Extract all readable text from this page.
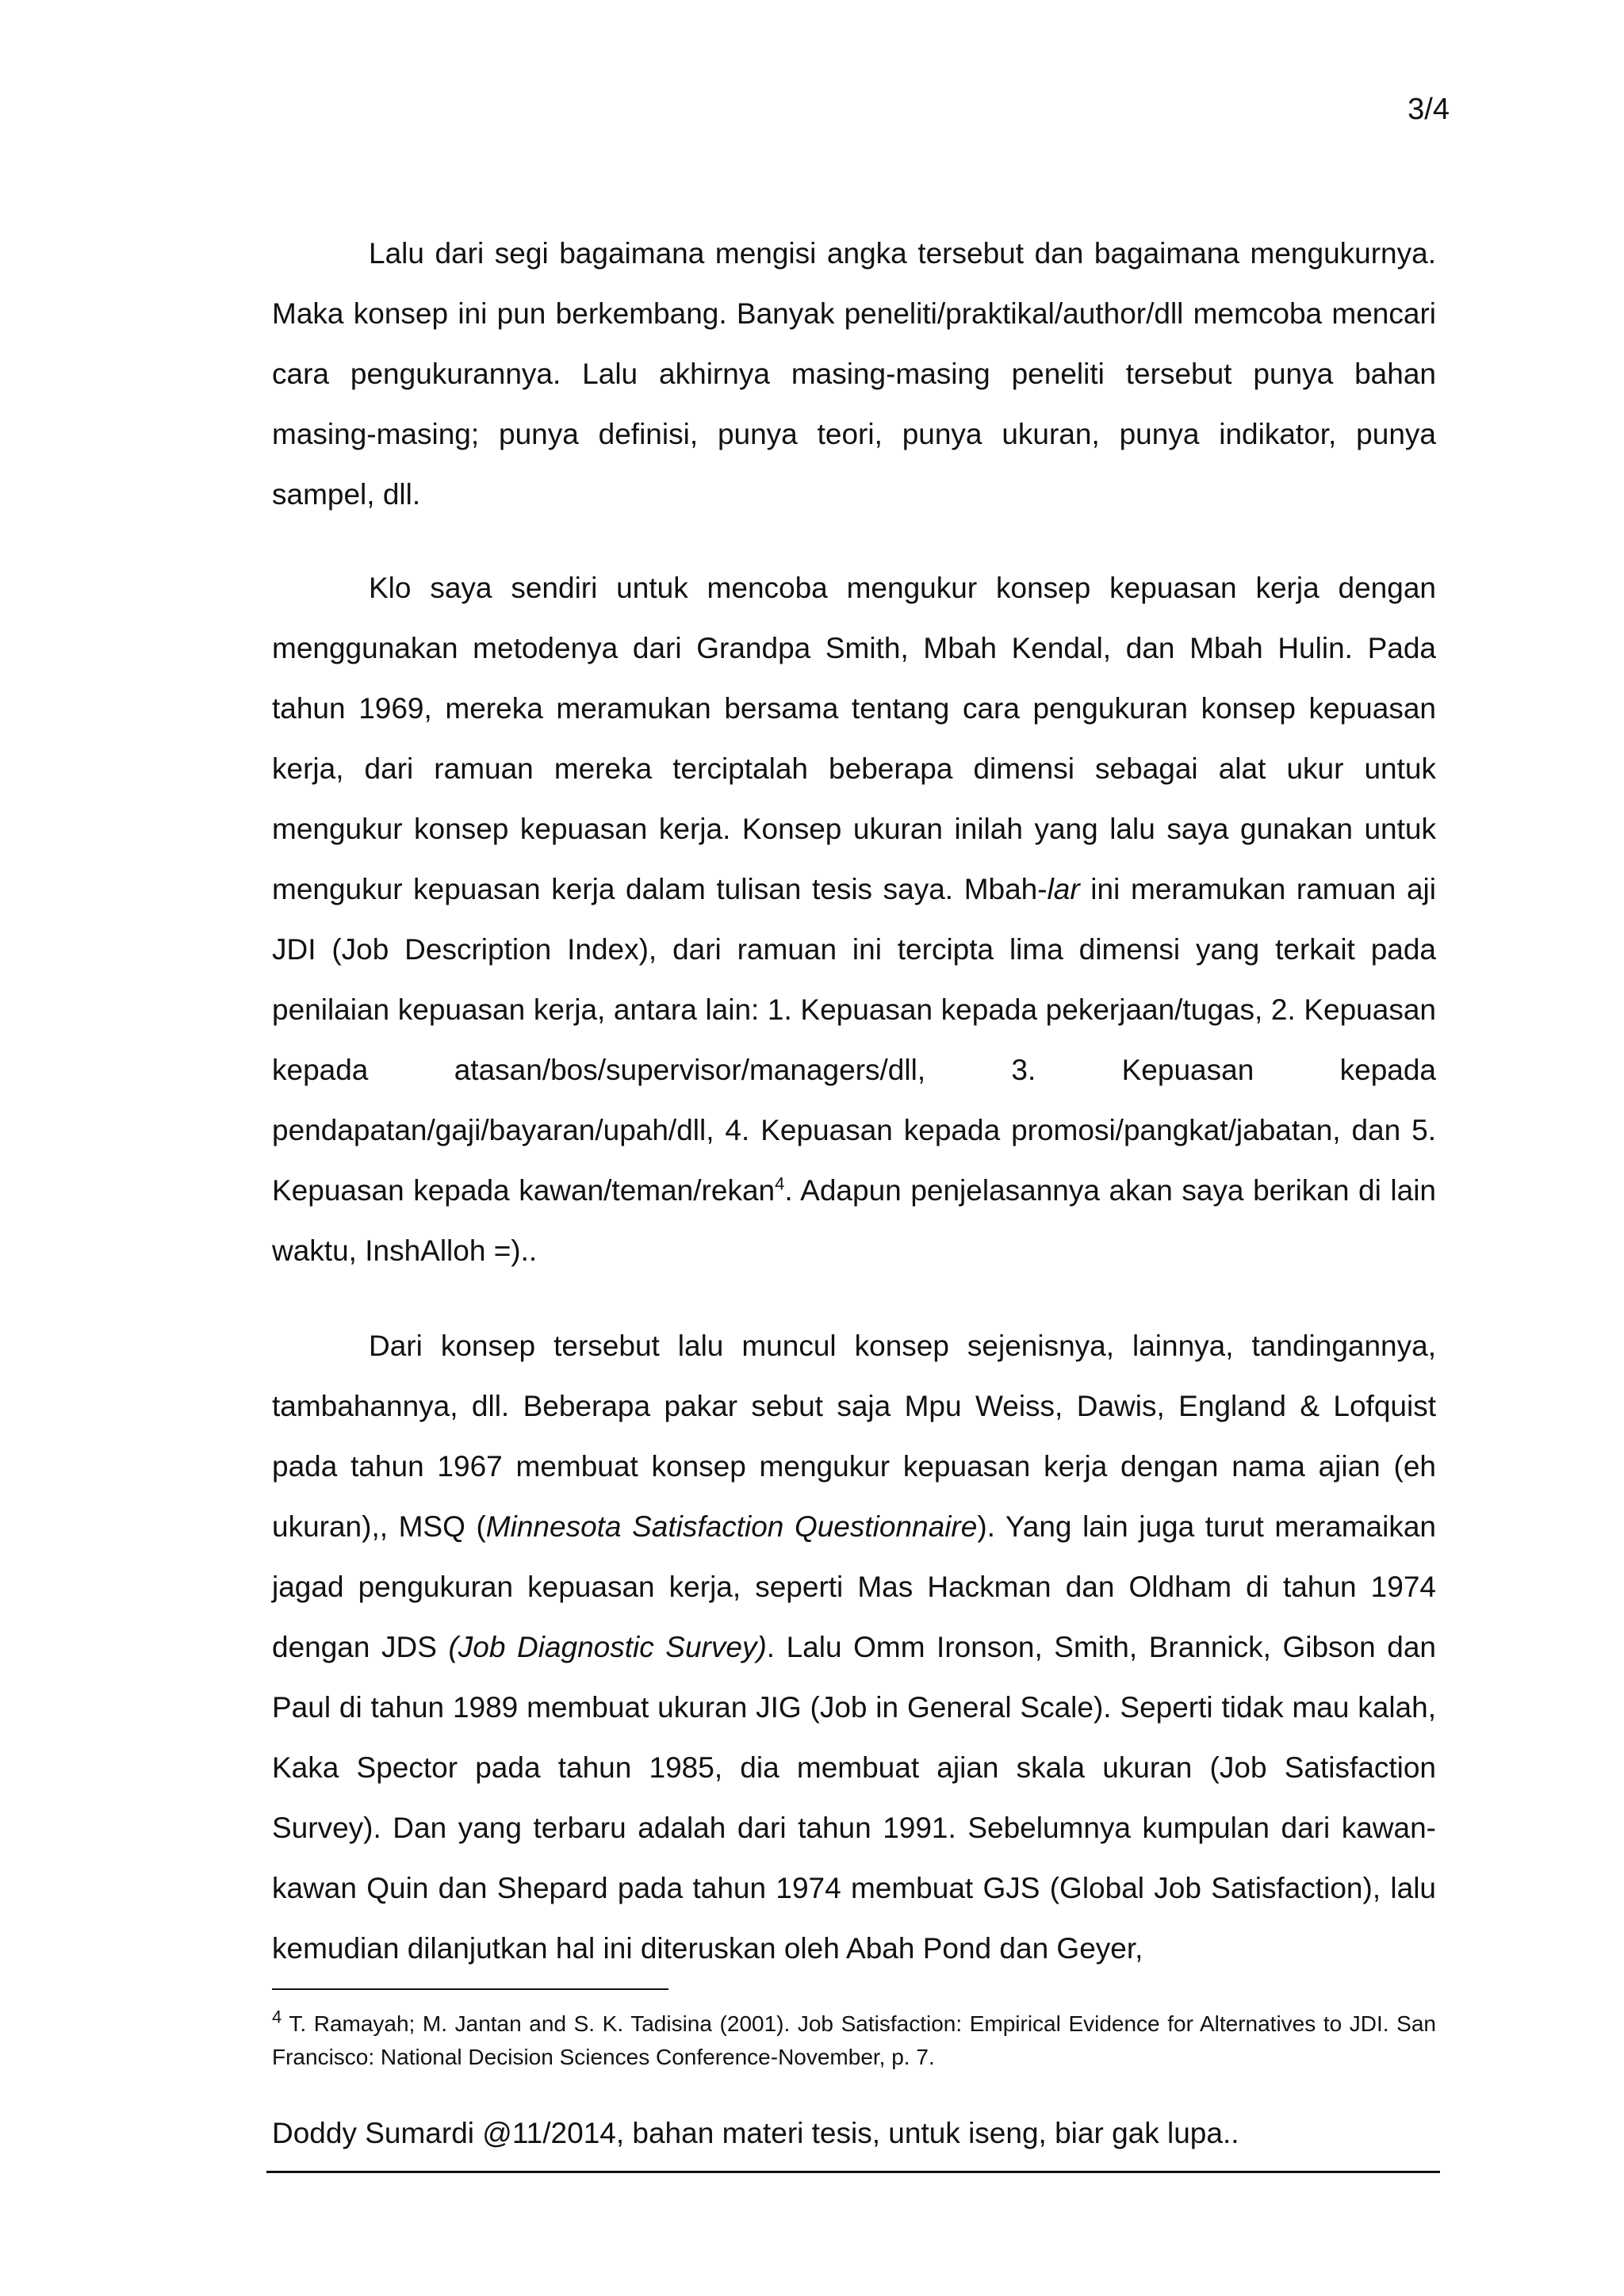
3/4

Lalu dari segi bagaimana mengisi angka tersebut dan bagaimana mengukurnya. Maka konsep ini pun berkembang. Banyak peneliti/praktikal/author/dll memcoba mencari cara pengukurannya. Lalu akhirnya masing-masing peneliti tersebut punya bahan masing-masing; punya definisi, punya teori, punya ukuran, punya indikator, punya sampel, dll.

Klo saya sendiri untuk mencoba mengukur konsep kepuasan kerja dengan menggunakan metodenya dari Grandpa Smith, Mbah Kendal, dan Mbah Hulin. Pada tahun 1969, mereka meramukan bersama tentang cara pengukuran konsep kepuasan kerja, dari ramuan mereka terciptalah beberapa dimensi sebagai alat ukur untuk mengukur konsep kepuasan kerja. Konsep ukuran inilah yang lalu saya gunakan untuk mengukur kepuasan kerja dalam tulisan tesis saya. Mbah-lar ini meramukan ramuan aji JDI (Job Description Index), dari ramuan ini tercipta lima dimensi yang terkait pada penilaian kepuasan kerja, antara lain: 1. Kepuasan kepada pekerjaan/tugas, 2. Kepuasan kepada atasan/bos/supervisor/managers/dll, 3. Kepuasan kepada pendapatan/gaji/bayaran/upah/dll, 4. Kepuasan kepada promosi/pangkat/jabatan, dan 5. Kepuasan kepada kawan/teman/rekan$^4$. Adapun penjelasannya akan saya berikan di lain waktu, InshAlloh =)..

Dari konsep tersebut lalu muncul konsep sejenisnya, lainnya, tandingannya, tambahannya, dll. Beberapa pakar sebut saja Mpu Weiss, Dawis, England & Lofquist pada tahun 1967 membuat konsep mengukur kepuasan kerja dengan nama ajian (eh ukuran),, MSQ (Minnesota Satisfaction Questionnaire). Yang lain juga turut meramaikan jagad pengukuran kepuasan kerja, seperti Mas Hackman dan Oldham di tahun 1974 dengan JDS (Job Diagnostic Survey). Lalu Omm Ironson, Smith, Brannick, Gibson dan Paul di tahun 1989 membuat ukuran JIG (Job in General Scale). Seperti tidak mau kalah, Kaka Spector pada tahun 1985, dia membuat ajian skala ukuran (Job Satisfaction Survey). Dan yang terbaru adalah dari tahun 1991. Sebelumnya kumpulan dari kawan-kawan Quin dan Shepard pada tahun 1974 membuat GJS (Global Job Satisfaction), lalu kemudian dilanjutkan hal ini diteruskan oleh Abah Pond dan Geyer,

$^4$ T. Ramayah; M. Jantan and S. K. Tadisina (2001). Job Satisfaction: Empirical Evidence for Alternatives to JDI. San Francisco: National Decision Sciences Conference-November, p. 7.
Doddy Sumardi @11/2014, bahan materi tesis, untuk iseng, biar gak lupa..
